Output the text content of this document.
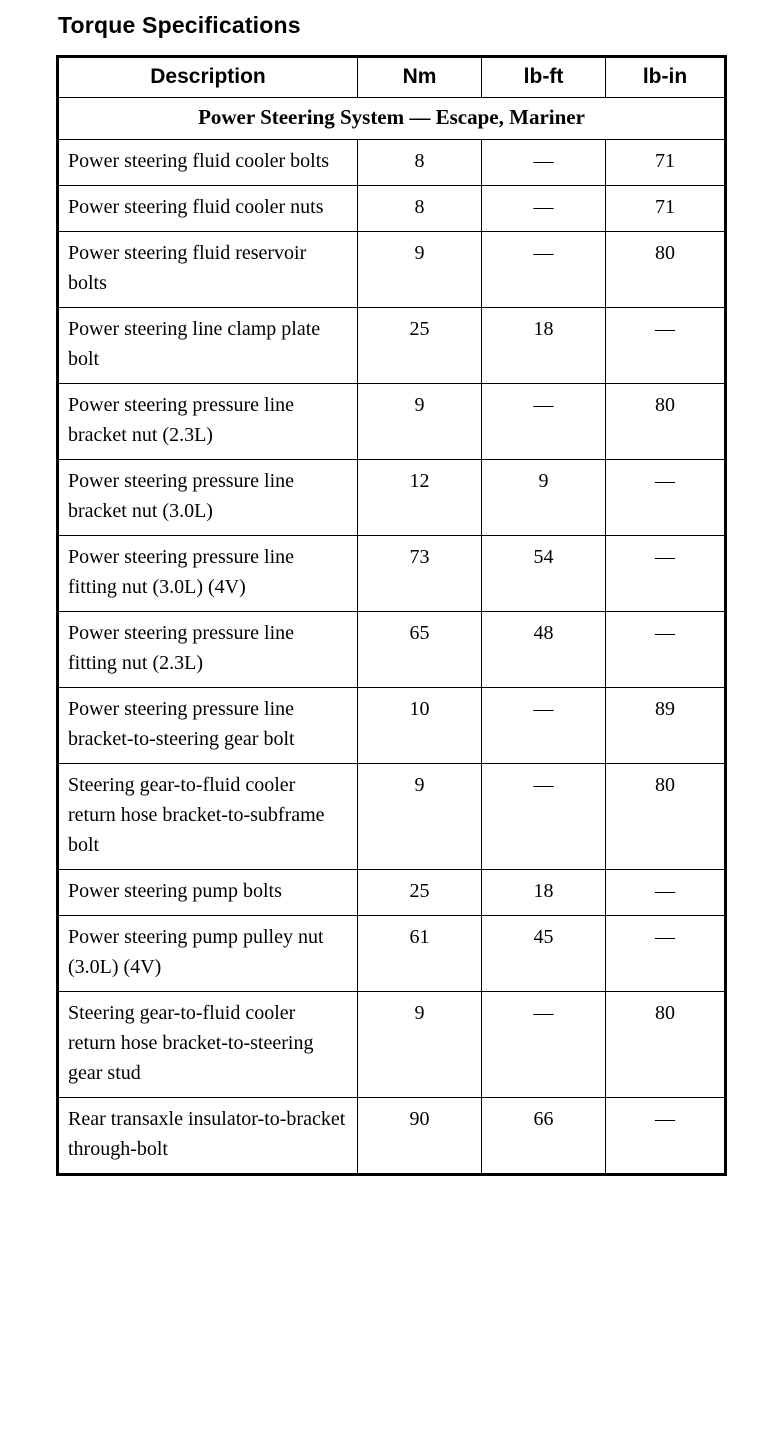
Torque Specifications
Description	Nm	lb-ft	lb-in
Power Steering System — Escape, Mariner			
Power steering fluid cooler bolts	8	—	71
Power steering fluid cooler nuts	8	—	71
Power steering fluid reservoir bolts	9	—	80
Power steering line clamp plate bolt	25	18	—
Power steering pressure line bracket nut (2.3L)	9	—	80
Power steering pressure line bracket nut (3.0L)	12	9	—
Power steering pressure line fitting nut (3.0L) (4V)	73	54	—
Power steering pressure line fitting nut (2.3L)	65	48	—
Power steering pressure line bracket-to-steering gear bolt	10	—	89
Steering gear-to-fluid cooler return hose bracket-to-subframe bolt	9	—	80
Power steering pump bolts	25	18	—
Power steering pump pulley nut (3.0L) (4V)	61	45	—
Steering gear-to-fluid cooler return hose bracket-to-steering gear stud	9	—	80
Rear transaxle insulator-to-bracket through-bolt	90	66	—
